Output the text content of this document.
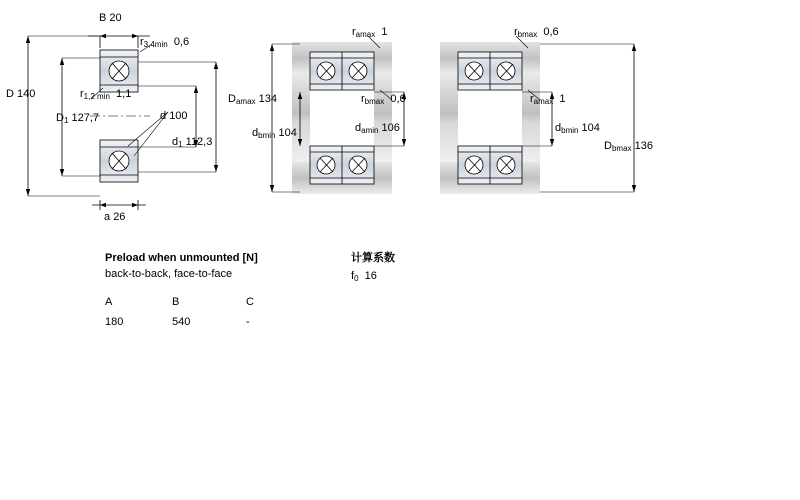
B 20
$r_{3,4min}$ 0,6
D 140	$r_{1,2 min}$ 1,1
$D_1$ 127,7	d 100
$d_1$ 112,3
a 26
$r_{amax}$ 1
$D_{amax}$ 134
$d_{bmin}$ 104
$r_{bmax}$ 0,6
$d_{amin}$ 106
$r_{bmax}$ 0,6
$r_{amax}$ 1
$d_{bmin}$ 104
$D_{bmax}$ 136
Preload when unmounted [N]
back-to-back, face-to-face
A	B	C
180	540	-
计算系数
$f_0$ 16
